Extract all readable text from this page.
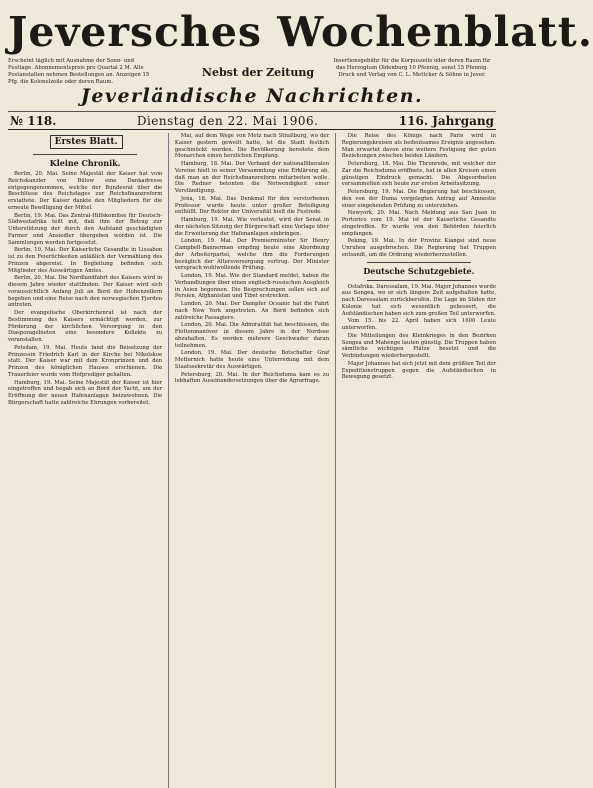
Jeversches Wochenblatt.
Erscheint täglich mit Ausnahme der Sonn- und Festtage. Abonnementspreis pro Quartal 2 M. Alle Postanstalten nehmen Bestellungen an. Anzeigen 15 Pfg. die Kolonelzeile oder deren Raum.
Nebst der Zeitung
Insertionsgebühr für die Korpuszeile oder deren Raum für das Herzogtum Oldenburg 10 Pfennig, sonst 15 Pfennig. Druck und Verlag von C. L. Mettcker & Söhne in Jever.
Jeverländische Nachrichten.
№ 118.	Dienstag den 22. Mai 1906.	116. Jahrgang
Erstes Blatt.
Kleine Chronik.

Berlin, 20. Mai. Seine Majestät der Kaiser hat vom Reichskanzler von Bülow eine Dankadresse entgegengenommen, welche der Bundesrat über die Beschlüsse des Reichstages zur Reichsfinanzreform erstattete. Der Kaiser dankte den Mitgliedern für die erneute Bewilligung der Mittel.

Berlin, 19. Mai. Das Zentral-Hilfskomitee für Deutsch-Südwestafrika teilt mit, daß ihm der Betrag zur Unterstützung der durch den Aufstand geschädigten Farmer und Ansiedler übergeben worden ist. Die Sammlungen werden fortgesetzt.

Berlin, 19. Mai. Der Kaiserliche Gesandte in Lissabon ist zu den Feierlichkeiten anläßlich der Vermählung des Prinzen abgereist. In Begleitung befinden sich Mitglieder des Auswärtigen Amtes.

Berlin, 20. Mai. Die Nordlandfahrt des Kaisers wird in diesem Jahre wieder stattfinden. Der Kaiser wird sich voraussichtlich Anfang Juli an Bord der Hohenzollern begeben und eine Reise nach den norwegischen Fjorden antreten.

Der evangelische Oberkirchenrat ist nach der Bestimmung des Kaisers ermächtigt worden, zur Förderung der kirchlichen Versorgung in den Diasporagebieten eine besondere Kollekte zu veranstalten.

Potsdam, 19. Mai. Heute fand die Beisetzung der Prinzessin Friedrich Karl in der Kirche bei Nikolskoe statt. Der Kaiser war mit dem Kronprinzen und den Prinzen des königlichen Hauses erschienen. Die Trauerfeier wurde vom Hofprediger gehalten.

Hamburg, 19. Mai. Seine Majestät der Kaiser ist hier eingetroffen und begab sich an Bord der Yacht, um der Eröffnung der neuen Hafenanlagen beizuwohnen. Die Bürgerschaft hatte zahlreiche Ehrungen vorbereitet.

Mai, auf dem Wege von Metz nach Straßburg, wo der Kaiser gestern geweilt hatte, ist die Stadt festlich geschmückt worden. Die Bevölkerung bereitete dem Monarchen einen herzlichen Empfang.

Hamburg, 18. Mai. Der Verband der nationalliberalen Vereine hielt in seiner Versammlung eine Erklärung ab, daß man an der Reichsfinanzreform mitarbeiten wolle. Die Redner betonten die Notwendigkeit einer Verständigung.

Jena, 18. Mai. Das Denkmal für den verstorbenen Professor wurde heute unter großer Beteiligung enthüllt. Der Rektor der Universität hielt die Festrede.

Hamburg, 19. Mai. Wie verlautet, wird der Senat in der nächsten Sitzung der Bürgerschaft eine Vorlage über die Erweiterung der Hafenanlagen einbringen.

London, 19. Mai. Der Premierminister Sir Henry Campbell-Bannerman empfing heute eine Abordnung der Arbeiterpartei, welche ihm die Forderungen bezüglich der Altersversorgung vortrug. Der Minister versprach wohlwollende Prüfung.

London, 19. Mai. Wie der Standard meldet, haben die Verhandlungen über einen englisch-russischen Ausgleich in Asien begonnen. Die Besprechungen sollen sich auf Persien, Afghanistan und Tibet erstrecken.

London, 20. Mai. Der Dampfer Oceanic hat die Fahrt nach New York angetreten. An Bord befinden sich zahlreiche Passagiere.

London, 20. Mai. Die Admiralität hat beschlossen, die Flottenmanöver in diesem Jahre in der Nordsee abzuhalten. Es werden mehrere Geschwader daran teilnehmen.

London, 19. Mai. Der deutsche Botschafter Graf Metternich hatte heute eine Unterredung mit dem Staatssekretär des Auswärtigen.

Petersburg, 20. Mai. In der Reichsduma kam es zu lebhaften Auseinandersetzungen über die Agrarfrage.

Die Reise des Königs nach Paris wird in Regierungskreisen als bedeutsames Ereignis angesehen. Man erwartet davon eine weitere Festigung der guten Beziehungen zwischen beiden Ländern.

Petersburg, 18. Mai. Die Thronrede, mit welcher der Zar die Reichsduma eröffnete, hat in allen Kreisen einen günstigen Eindruck gemacht. Die Abgeordneten versammelten sich heute zur ersten Arbeitssitzung.

Petersburg, 19. Mai. Die Regierung hat beschlossen, den von der Duma vorgelegten Antrag auf Amnestie einer eingehenden Prüfung zu unterziehen.

Newyork, 20. Mai. Nach Meldung aus San Juan in Portorico vom 19. Mai ist der Kaiserliche Gesandte eingetroffen. Er wurde von den Behörden feierlich empfangen.

Peking, 19. Mai. In der Provinz Kiangsi sind neue Unruhen ausgebrochen. Die Regierung hat Truppen entsandt, um die Ordnung wiederherzustellen.

Deutsche Schutzgebiete.

Ostafrika. Daressalam, 19. Mai. Major Johannes wurde aus Songea, wo er sich längere Zeit aufgehalten hatte, nach Daressalam zurückberufen. Die Lage im Süden der Kolonie hat sich wesentlich gebessert, die Aufständischen haben sich zum großen Teil unterworfen.

Vom 15. bis 22. April haben sich 1600 Leute unterworfen.

Die Mitteilungen des Kleinkrieges in den Bezirken Songea und Mahenge lauten günstig. Die Truppen haben sämtliche wichtigen Plätze besetzt und die Verbindungen wiederhergestellt.

Major Johannes hat sich jetzt mit dem größten Teil der Expeditionstruppen gegen die Aufständischen in Bewegung gesetzt.
